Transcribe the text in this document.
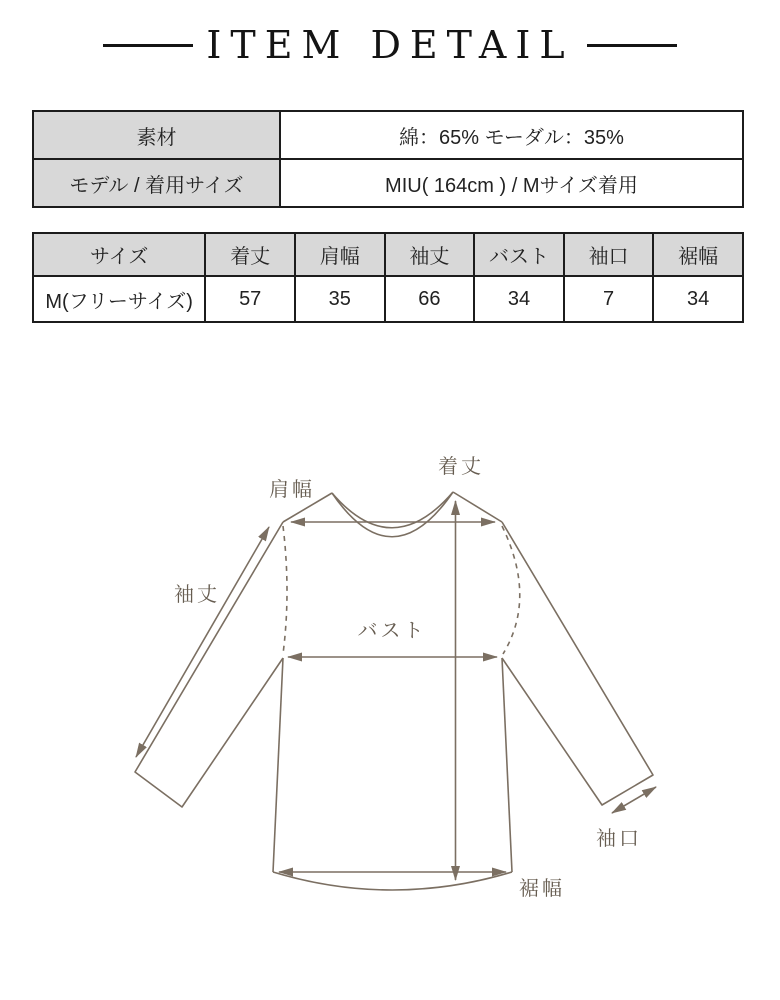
ITEM DETAIL
素材	綿：65% モーダル：35%
モデル / 着用サイズ	MIU( 164cm ) / Mサイズ着用
サイズ	着丈	肩幅	袖丈	バスト	袖口	裾幅
M(フリーサイズ)	57	35	66	34	7	34
着丈
肩幅
袖丈
バスト
袖口
裾幅
